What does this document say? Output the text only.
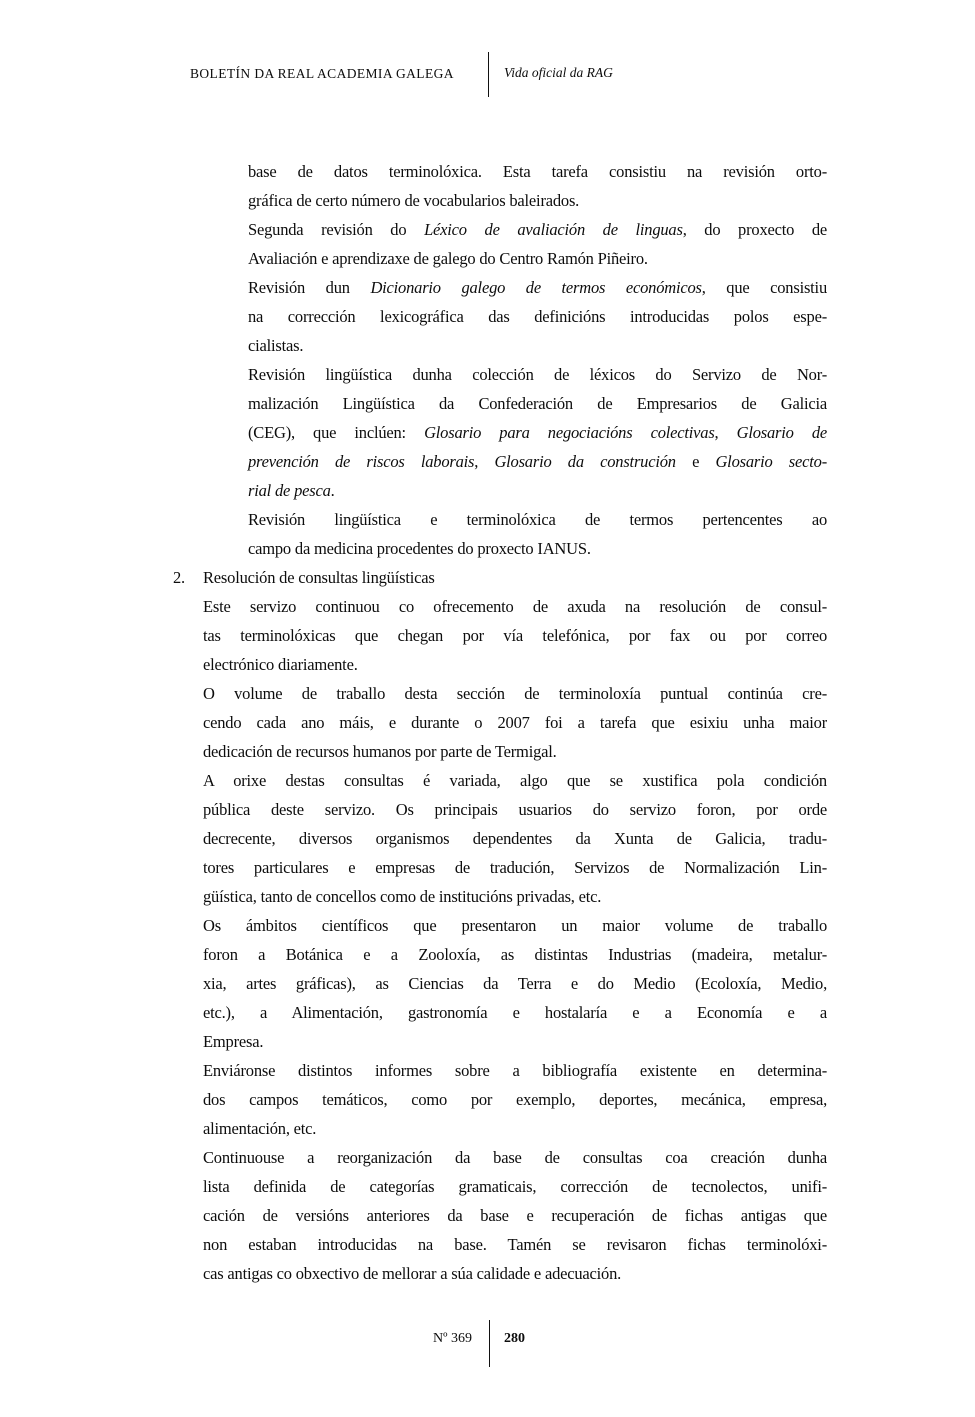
BOLETÍN DA REAL ACADEMIA GALEGA	Vida oficial da RAG
base de datos terminolóxica. Esta tarefa consistiu na revisión orto-
gráfica de certo número de vocabularios baleirados.
Segunda revisión do Léxico de avaliación de linguas, do proxecto de
Avaliación e aprendizaxe de galego do Centro Ramón Piñeiro.
Revisión dun Dicionario galego de termos económicos, que consistiu
na corrección lexicográfica das definicións introducidas polos espe-
cialistas.
Revisión lingüística dunha colección de léxicos do Servizo de Nor-
malización Lingüística da Confederación de Empresarios de Galicia
(CEG), que inclúen: Glosario para negociacións colectivas, Glosario de
prevención de riscos laborais, Glosario da construción e Glosario secto-
rial de pesca.
Revisión lingüística e terminolóxica de termos pertencentes ao
campo da medicina procedentes do proxecto IANUS.
2.	Resolución de consultas lingüísticas
Este servizo continuou co ofrecemento de axuda na resolución de consul-
tas terminolóxicas que chegan por vía telefónica, por fax ou por correo
electrónico diariamente.
O volume de traballo desta sección de terminoloxía puntual continúa cre-
cendo cada ano máis, e durante o 2007 foi a tarefa que esixiu unha maior
dedicación de recursos humanos por parte de Termigal.
A orixe destas consultas é variada, algo que se xustifica pola condición
pública deste servizo. Os principais usuarios do servizo foron, por orde
decrecente, diversos organismos dependentes da Xunta de Galicia, tradu-
tores particulares e empresas de tradución, Servizos de Normalización Lin-
güística, tanto de concellos como de institucións privadas, etc.
Os ámbitos científicos que presentaron un maior volume de traballo
foron a Botánica e a Zooloxía, as distintas Industrias (madeira, metalur-
xia, artes gráficas), as Ciencias da Terra e do Medio (Ecoloxía, Medio,
etc.), a Alimentación, gastronomía e hostalaría e a Economía e a
Empresa.
Enviáronse distintos informes sobre a bibliografía existente en determina-
dos campos temáticos, como por exemplo, deportes, mecánica, empresa,
alimentación, etc.
Continuouse a reorganización da base de consultas coa creación dunha
lista definida de categorías gramaticais, corrección de tecnolectos, unifi-
cación de versións anteriores da base e recuperación de fichas antigas que
non estaban introducidas na base. Tamén se revisaron fichas terminolóxi-
cas antigas co obxectivo de mellorar a súa calidade e adecuación.
Nº 369 280
